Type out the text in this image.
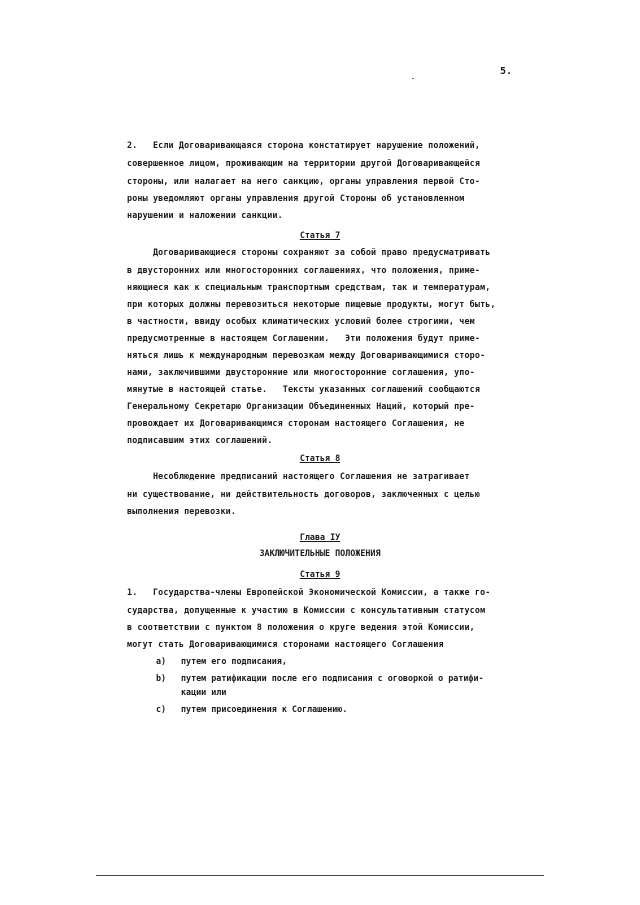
5.

2.   Если Договаривающаяся сторона констатирует нарушение положений,

совершенное лицом, проживающим на территории другой Договаривающейся

стороны, или налагает на него санкцию, органы управления первой Сто-

роны уведомляют органы управления другой Стороны об установленном

нарушении и наложении санкции.

Статья 7

Договаривающиеся стороны сохраняют за собой право предусматривать

в двусторонних или многосторонних соглашениях, что положения, приме-

няющиеся как к специальным транспортным средствам, так и температурам,

при которых должны перевозиться некоторые пищевые продукты, могут быть,

в частности, ввиду особых климатических условий более строгими, чем

предусмотренные в настоящем Соглашении.   Эти положения будут приме-

няться лишь к международным перевозкам между Договаривающимися сторо-

нами, заключившими двусторонние или многосторонние соглашения, упо-

мянутые в настоящей статье.   Тексты указанных соглашений сообщаются

Генеральному Секретарю Организации Объединенных Наций, который пре-

провождает их Договаривающимся сторонам настоящего Соглашения, не

подписавшим этих соглашений.

Статья 8

Несоблюдение предписаний настоящего Соглашения не затрагивает

ни существование, ни действительность договоров, заключенных с целью

выполнения перевозки.

Глава IУ
ЗАКЛЮЧИТЕЛЬНЫЕ ПОЛОЖЕНИЯ
Статья 9

1.   Государства-члены Европейской Экономической Комиссии, а также го-

сударства, допущенные к участию в Комиссии с консультативным статусом

в соответствии с пунктом 8 положения о круге ведения этой Комиссии,

могут стать Договаривающимися сторонами настоящего Соглашения

a) путем его подписания,

b) путем ратификации после его подписания с оговоркой о ратифи-

кации или

c) путем присоединения к Соглашению.
